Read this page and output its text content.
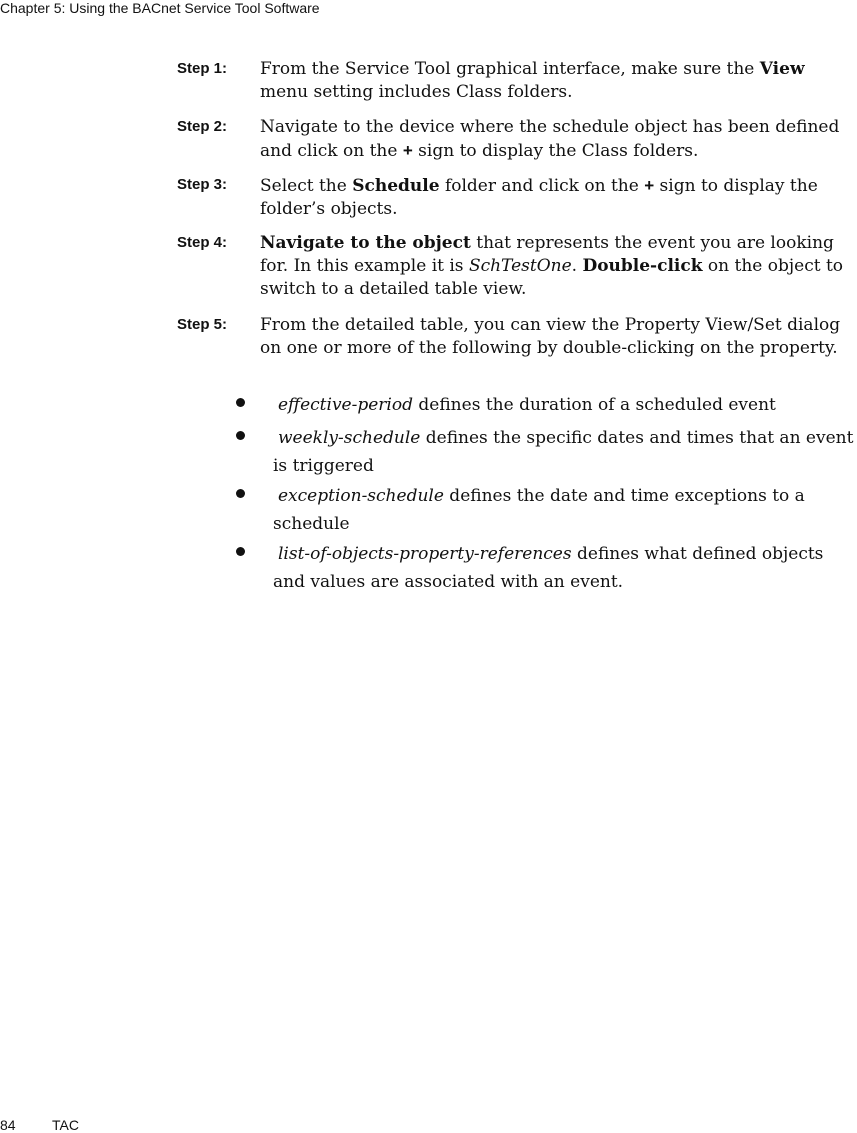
Chapter 5: Using the BACnet Service Tool Software
Step 1: From the Service Tool graphical interface, make sure the View menu setting includes Class folders.
Step 2: Navigate to the device where the schedule object has been defined and click on the + sign to display the Class folders.
Step 3: Select the Schedule folder and click on the + sign to display the folder’s objects.
Step 4: Navigate to the object that represents the event you are looking for. In this example it is SchTestOne. Double-click on the object to switch to a detailed table view.
Step 5: From the detailed table, you can view the Property View/Set dialog on one or more of the following by double-clicking on the property.
effective-period defines the duration of a scheduled event
weekly-schedule defines the specific dates and times that an event is triggered
exception-schedule defines the date and time exceptions to a schedule
list-of-objects-property-references defines what defined objects and values are associated with an event.
84	TAC
